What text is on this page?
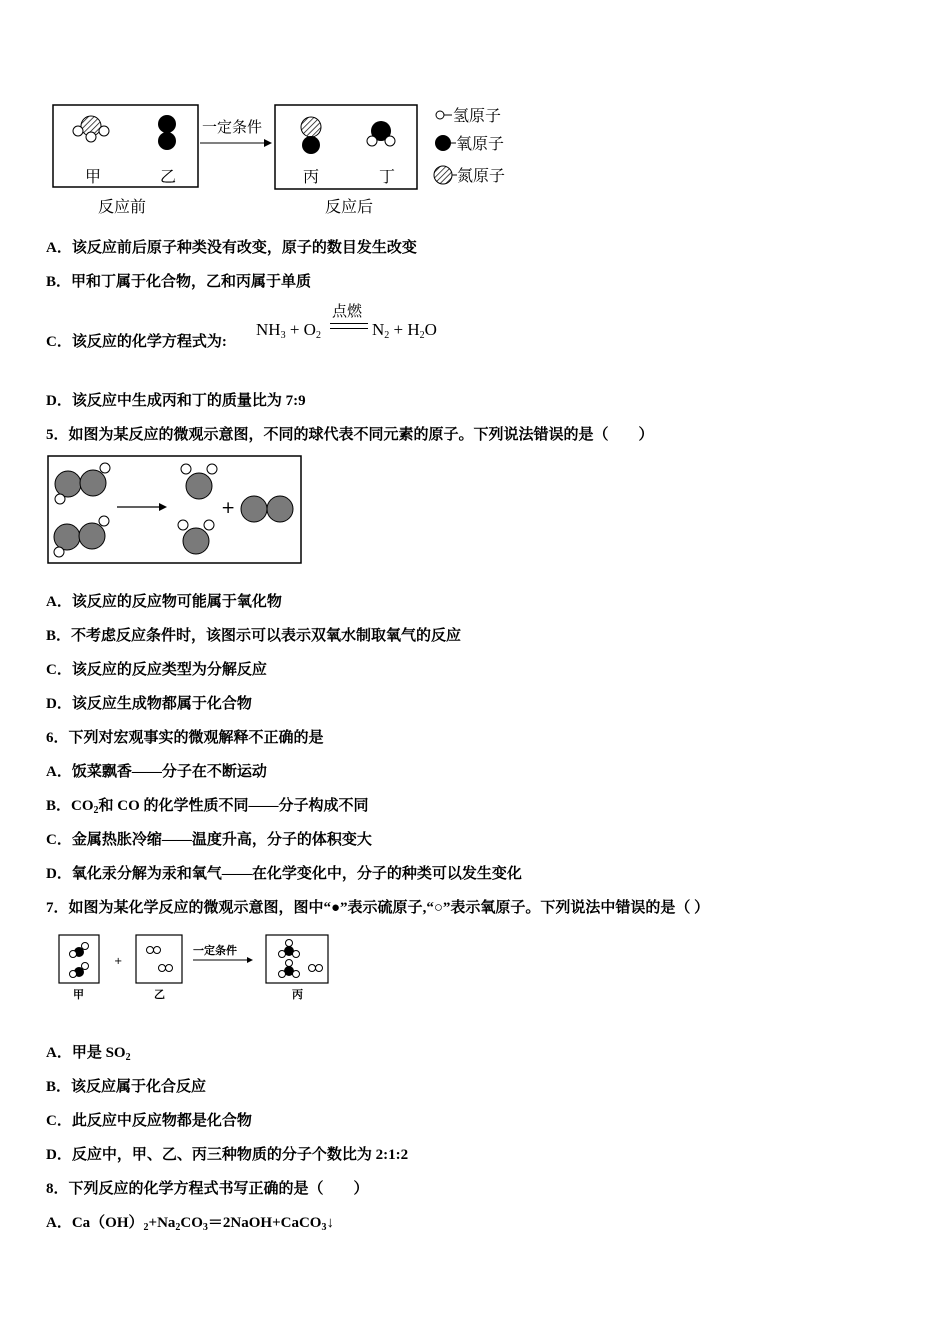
甲	乙
反应前
一定条件
丙	丁
反应后
氢原子
氧原子
氮原子
A．该反应前后原子种类没有改变，原子的数目发生改变
B．甲和丁属于化合物，乙和丙属于单质
C．该反应的化学方程式为:
$NH_3 + O_2$
点燃
$N_2 + H_2O$
D．该反应中生成丙和丁的质量比为 7:9
5．如图为某反应的微观示意图，不同的球代表不同元素的原子。下列说法错误的是（　　）
+
A．该反应的反应物可能属于氧化物
B．不考虑反应条件时，该图示可以表示双氧水制取氧气的反应
C．该反应的反应类型为分解反应
D．该反应生成物都属于化合物
6．下列对宏观事实的微观解释不正确的是
A．饭菜飘香——分子在不断运动
B．$CO_2$和 CO 的化学性质不同——分子构成不同
C．金属热胀冷缩——温度升高，分子的体积变大
D．氧化汞分解为汞和氧气——在化学变化中，分子的种类可以发生变化
7．如图为某化学反应的微观示意图，图中“●”表示硫原子,“○”表示氧原子。下列说法中错误的是（ ）
+
一定条件
甲	乙	丙
A．甲是 $SO_2$
B．该反应属于化合反应
C．此反应中反应物都是化合物
D．反应中，甲、乙、丙三种物质的分子个数比为 2:1:2
8．下列反应的化学方程式书写正确的是（　　）
A．$Ca(OH)_2+Na_2CO_3=2NaOH+CaCO_3↓$
